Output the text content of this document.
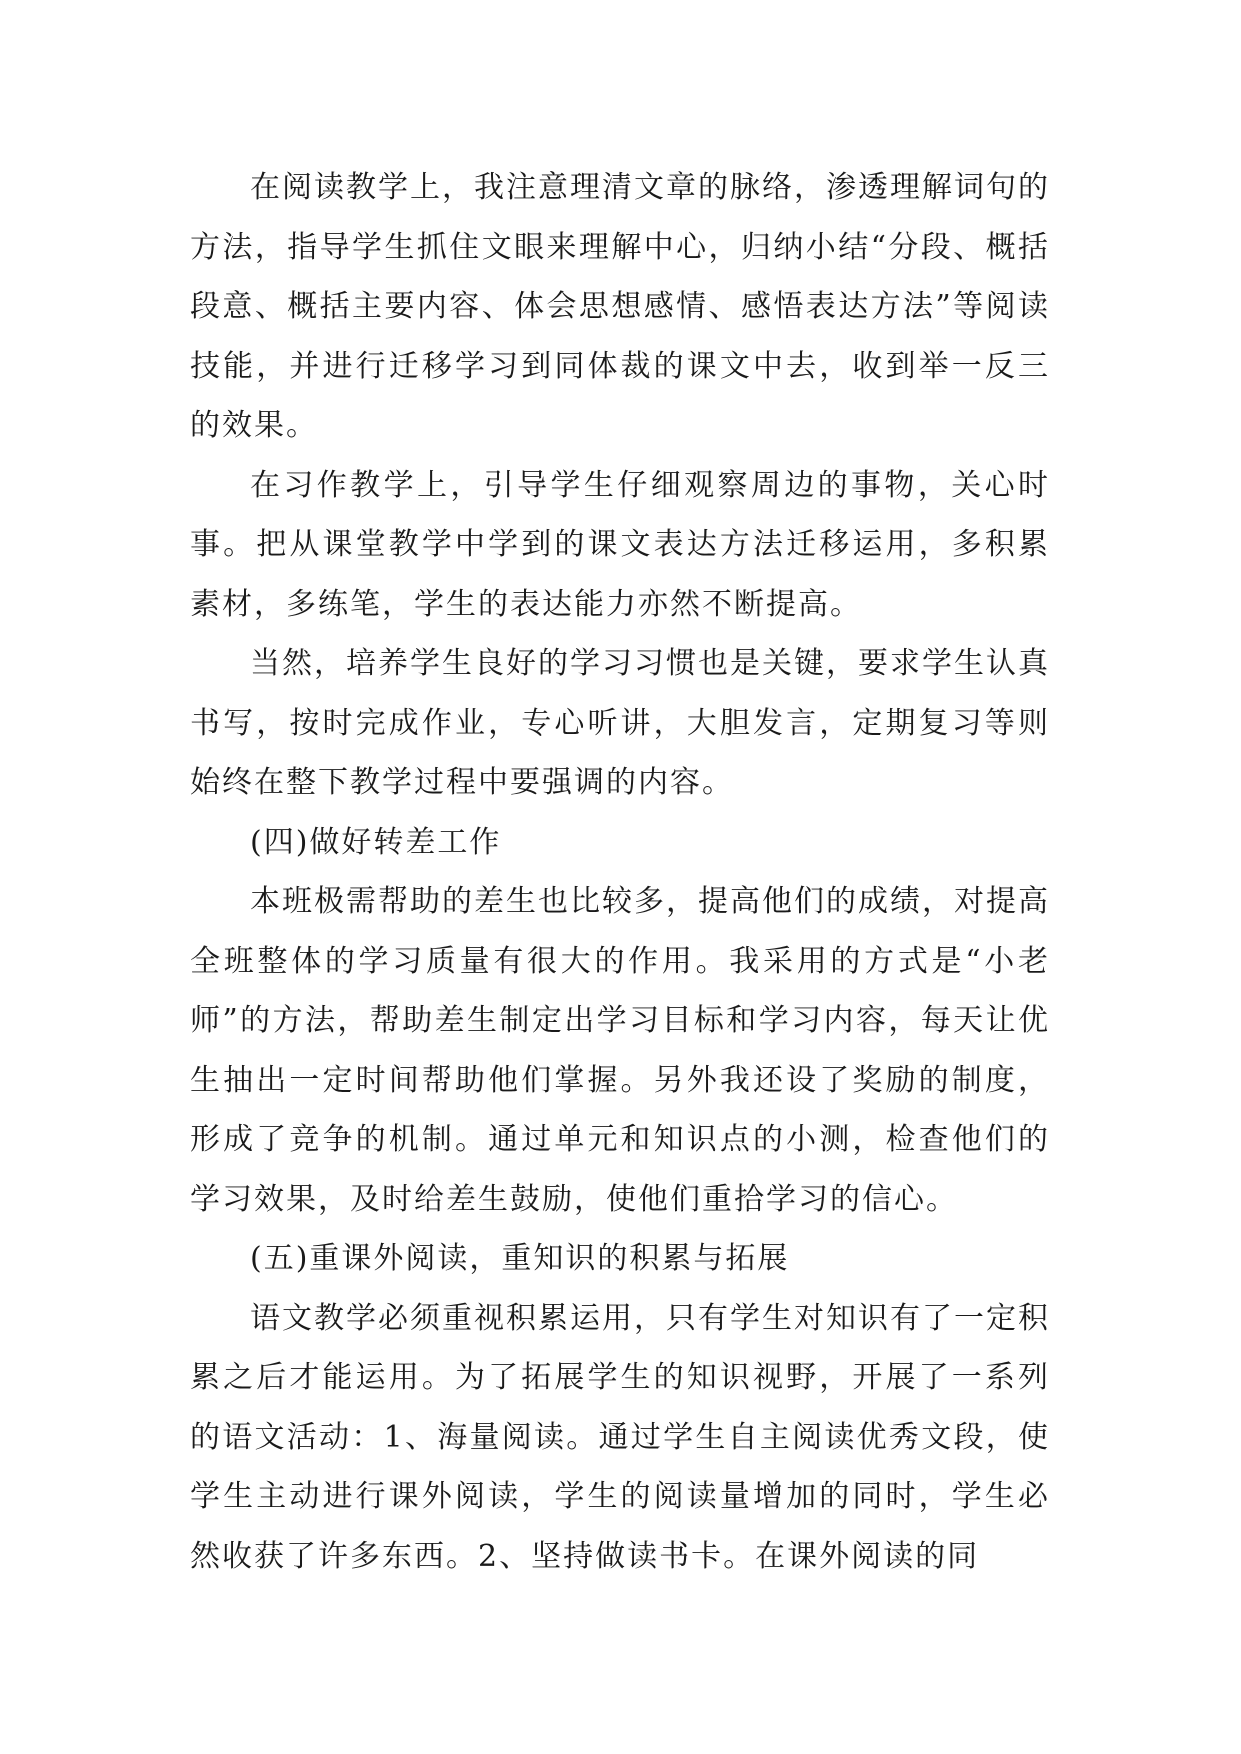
在阅读教学上，我注意理清文章的脉络，渗透理解词句的方法，指导学生抓住文眼来理解中心，归纳小结“分段、概括段意、概括主要内容、体会思想感情、感悟表达方法”等阅读技能，并进行迁移学习到同体裁的课文中去，收到举一反三的效果。

在习作教学上，引导学生仔细观察周边的事物，关心时事。把从课堂教学中学到的课文表达方法迁移运用，多积累素材，多练笔，学生的表达能力亦然不断提高。

当然，培养学生良好的学习习惯也是关键，要求学生认真书写，按时完成作业，专心听讲，大胆发言，定期复习等则始终在整下教学过程中要强调的内容。

(四)做好转差工作

本班极需帮助的差生也比较多，提高他们的成绩，对提高全班整体的学习质量有很大的作用。我采用的方式是“小老师”的方法，帮助差生制定出学习目标和学习内容，每天让优生抽出一定时间帮助他们掌握。另外我还设了奖励的制度，形成了竞争的机制。通过单元和知识点的小测，检查他们的学习效果，及时给差生鼓励，使他们重拾学习的信心。

(五)重课外阅读，重知识的积累与拓展

语文教学必须重视积累运用，只有学生对知识有了一定积累之后才能运用。为了拓展学生的知识视野，开展了一系列的语文活动：1、海量阅读。通过学生自主阅读优秀文段，使学生主动进行课外阅读，学生的阅读量增加的同时，学生必然收获了许多东西。2、坚持做读书卡。在课外阅读的同
